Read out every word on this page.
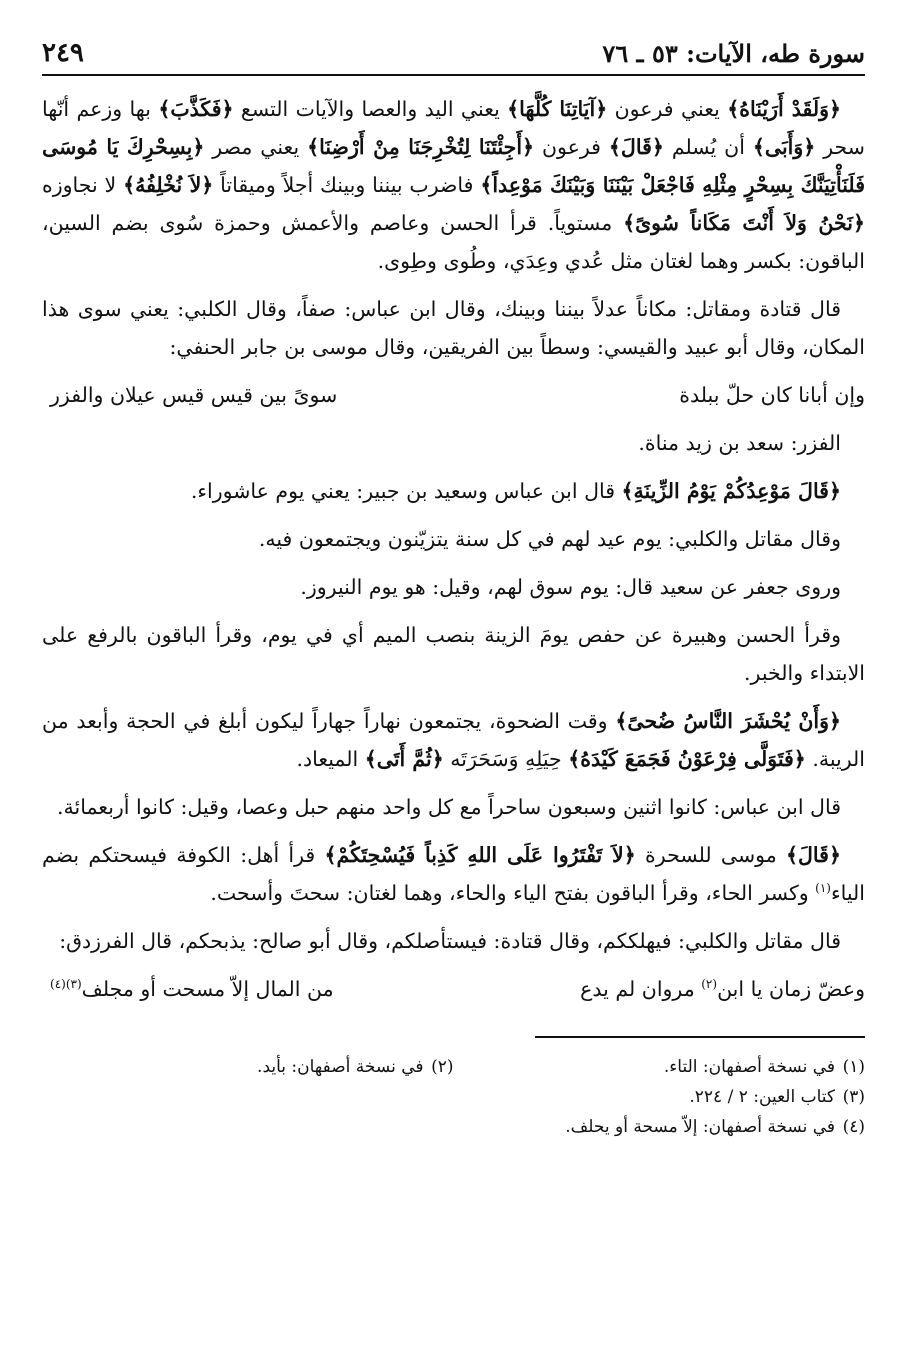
سورة طه، الآيات: ٥٣ ـ ٧٦
٢٤٩

﴿وَلَقَدْ أَرَيْنَاهُ﴾ يعني فرعون ﴿آيَاتِنَا كُلَّهَا﴾ يعني اليد والعصا والآيات التسع ﴿فَكَذَّبَ﴾ بها وزعم أنّها سحر ﴿وَأَبَى﴾ أن يُسلم ﴿قَالَ﴾ فرعون ﴿أَجِئْتَنَا لِتُخْرِجَنَا مِنْ أَرْضِنَا﴾ يعني مصر ﴿بِسِحْرِكَ يَا مُوسَى فَلَنَأْتِيَنَّكَ بِسِحْرٍ مِثْلِهِ فَاجْعَلْ بَيْنَنَا وَبَيْنَكَ مَوْعِداً﴾ فاضرب بيننا وبينك أجلاً وميقاتاً ﴿لاَ نُخْلِفُهُ﴾ لا نجاوزه ﴿نَحْنُ وَلاَ أَنْتَ مَكَاناً سُوىً﴾ مستوياً. قرأ الحسن وعاصم والأعمش وحمزة سُوى بضم السين، الباقون: بكسر وهما لغتان مثل عُدي وعِدَي، وطُوى وطِوى.

قال قتادة ومقاتل: مكاناً عدلاً بيننا وبينك، وقال ابن عباس: صفاً، وقال الكلبي: يعني سوى هذا المكان، وقال أبو عبيد والقيسي: وسطاً بين الفريقين، وقال موسى بن جابر الحنفي:

وإن أبانا كان حلّ ببلدة
سوىً بين قيس قيس عيلان والفزر

الفزر: سعد بن زيد مناة.

﴿قَالَ مَوْعِدُكُمْ يَوْمُ الزِّينَةِ﴾ قال ابن عباس وسعيد بن جبير: يعني يوم عاشوراء.

وقال مقاتل والكلبي: يوم عيد لهم في كل سنة يتزيّنون ويجتمعون فيه.

وروى جعفر عن سعيد قال: يوم سوق لهم، وقيل: هو يوم النيروز.

وقرأ الحسن وهبيرة عن حفص يومَ الزينة بنصب الميم أي في يوم، وقرأ الباقون بالرفع على الابتداء والخبر.

﴿وَأَنْ يُحْشَرَ النَّاسُ ضُحىً﴾ وقت الضحوة، يجتمعون نهاراً جهاراً ليكون أبلغ في الحجة وأبعد من الريبة. ﴿فَتَوَلَّى فِرْعَوْنُ فَجَمَعَ كَيْدَهُ﴾ حِيَلِهِ وَسَحَرَتَه ﴿ثُمَّ أَتَى﴾ الميعاد.

قال ابن عباس: كانوا اثنين وسبعون ساحراً مع كل واحد منهم حبل وعصا، وقيل: كانوا أربعمائة.

﴿قَالَ﴾ موسى للسحرة ﴿لاَ تَفْتَرُوا عَلَى اللهِ كَذِباً فَيُسْحِتَكُمْ﴾ قرأ أهل: الكوفة فيسحتكم بضم الياء$^{(١)}$ وكسر الحاء، وقرأ الباقون بفتح الياء والحاء، وهما لغتان: سحتَ وأسحت.

قال مقاتل والكلبي: فيهلككم، وقال قتادة: فيستأصلكم، وقال أبو صالح: يذبحكم، قال الفرزدق:

وعضّ زمان يا ابن$^{(٢)}$ مروان لم يدع
من المال إلاّ مسحت أو مجلف$^{(٣)(٤)}$
(١)في نسخة أصفهان: التاء.
(٢)في نسخة أصفهان: بأيد.
(٣)كتاب العين: ٢ / ٢٢٤.
(٤)في نسخة أصفهان: إلاّ مسحة أو يحلف.
